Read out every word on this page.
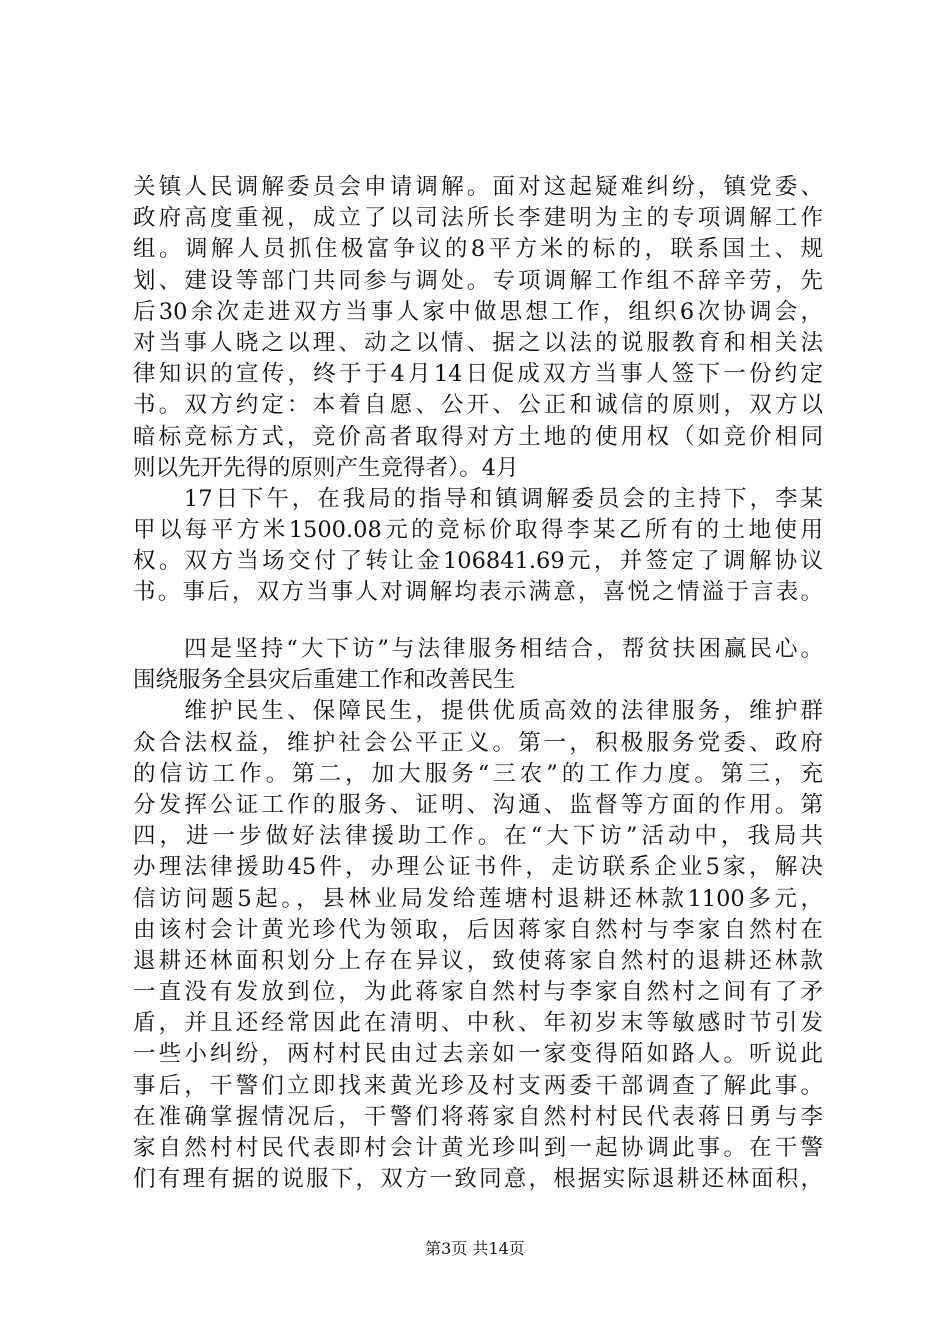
关镇人民调解委员会申请调解。面对这起疑难纠纷，镇党委、
政府高度重视，成立了以司法所长李建明为主的专项调解工作
组。调解人员抓住极富争议的8平方米的标的，联系国土、规
划、建设等部门共同参与调处。专项调解工作组不辞辛劳，先
后30余次走进双方当事人家中做思想工作，组织6次协调会，
对当事人晓之以理、动之以情、据之以法的说服教育和相关法
律知识的宣传，终于于4月14日促成双方当事人签下一份约定
书。双方约定：本着自愿、公开、公正和诚信的原则，双方以
暗标竞标方式，竞价高者取得对方土地的使用权（如竞价相同
则以先开先得的原则产生竞得者）。4月
　　17日下午，在我局的指导和镇调解委员会的主持下，李某
甲以每平方米1500.08元的竞标价取得李某乙所有的土地使用
权。双方当场交付了转让金106841.69元，并签定了调解协议
书。事后，双方当事人对调解均表示满意，喜悦之情溢于言表。
　　四是坚持“大下访”与法律服务相结合，帮贫扶困赢民心。
围绕服务全县灾后重建工作和改善民生
　　维护民生、保障民生，提供优质高效的法律服务，维护群
众合法权益，维护社会公平正义。第一，积极服务党委、政府
的信访工作。第二，加大服务“三农”的工作力度。第三，充
分发挥公证工作的服务、证明、沟通、监督等方面的作用。第
四，进一步做好法律援助工作。在“大下访”活动中，我局共
办理法律援助45件，办理公证书件，走访联系企业5家，解决
信访问题5起。，县林业局发给莲塘村退耕还林款1100多元，
由该村会计黄光珍代为领取，后因蒋家自然村与李家自然村在
退耕还林面积划分上存在异议，致使蒋家自然村的退耕还林款
一直没有发放到位，为此蒋家自然村与李家自然村之间有了矛
盾，并且还经常因此在清明、中秋、年初岁末等敏感时节引发
一些小纠纷，两村村民由过去亲如一家变得陌如路人。听说此
事后，干警们立即找来黄光珍及村支两委干部调查了解此事。
在准确掌握情况后，干警们将蒋家自然村村民代表蒋日勇与李
家自然村村民代表即村会计黄光珍叫到一起协调此事。在干警
们有理有据的说服下，双方一致同意，根据实际退耕还林面积，
第3页 共14页
